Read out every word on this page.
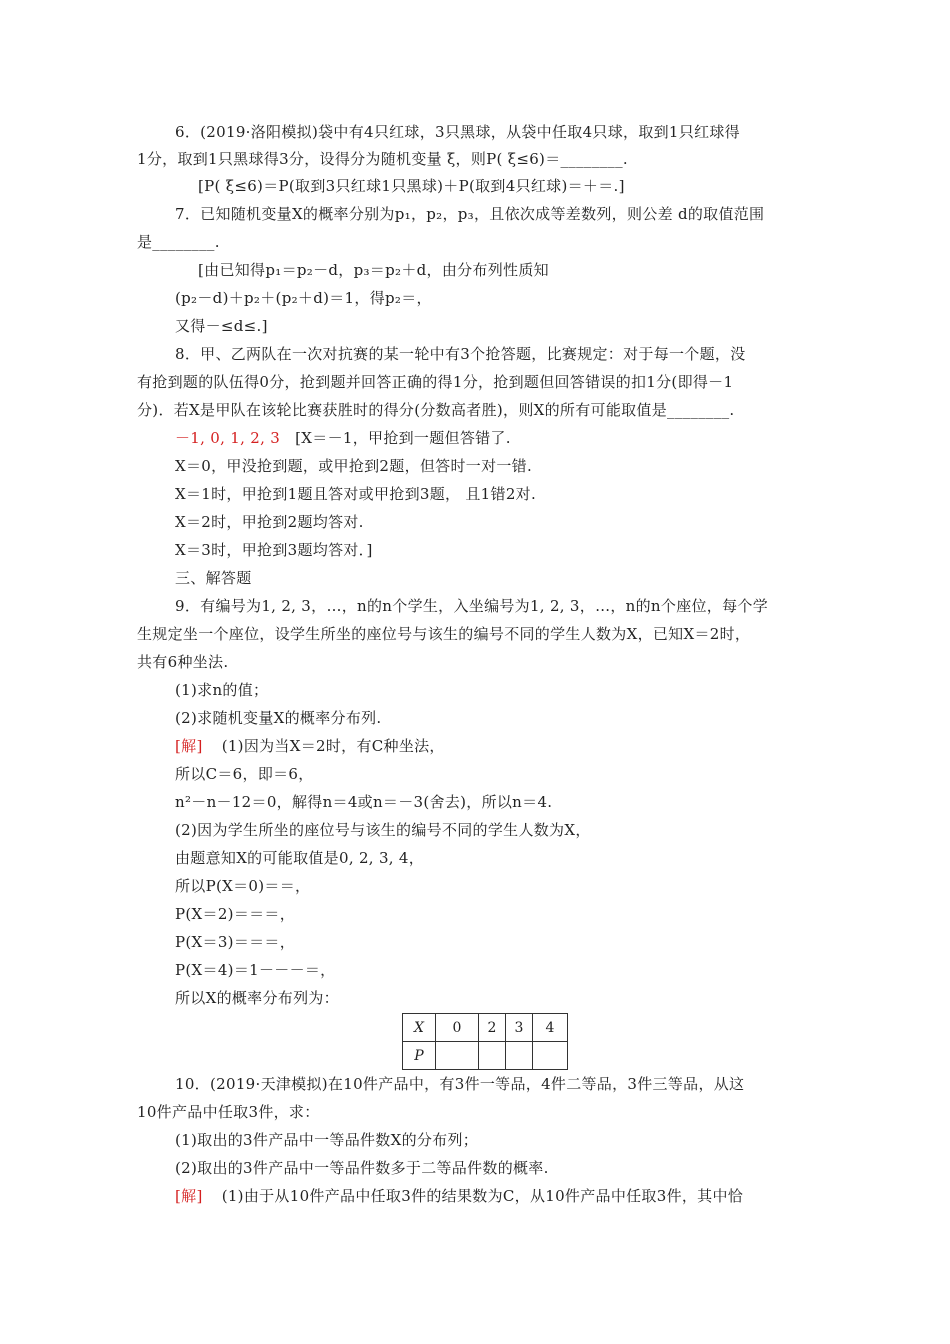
6．(2019·洛阳模拟)袋中有4只红球，3只黑球，从袋中任取4只球，取到1只红球得
1分，取到1只黑球得3分，设得分为随机变量 ξ，则P( ξ≤6)＝________.
[P( ξ≤6)＝P(取到3只红球1只黑球)＋P(取到4只红球)＝＋＝.]
7．已知随机变量X的概率分别为p₁，p₂，p₃，且依次成等差数列，则公差 d的取值范围
是________.
[由已知得p₁＝p₂－d，p₃＝p₂＋d，由分布列性质知
(p₂－d)＋p₂＋(p₂＋d)＝1，得p₂＝，
又得－≤d≤.]
8．甲、乙两队在一次对抗赛的某一轮中有3个抢答题，比赛规定：对于每一个题，没
有抢到题的队伍得0分，抢到题并回答正确的得1分，抢到题但回答错误的扣1分(即得－1
分)．若X是甲队在该轮比赛获胜时的得分(分数高者胜)，则X的所有可能取值是________.
－1, 0, 1, 2, 3 [X＝－1，甲抢到一题但答错了.
X＝0，甲没抢到题，或甲抢到2题，但答时一对一错.
X＝1时，甲抢到1题且答对或甲抢到3题， 且1错2对.
X＝2时，甲抢到2题均答对.
X＝3时，甲抢到3题均答对．]
三、解答题
9．有编号为1, 2, 3，…，n的n个学生，入坐编号为1, 2, 3，…，n的n个座位，每个学
生规定坐一个座位，设学生所坐的座位号与该生的编号不同的学生人数为X，已知X＝2时，
共有6种坐法.
(1)求n的值；
(2)求随机变量X的概率分布列.
[解] (1)因为当X＝2时，有C种坐法，
所以C＝6，即＝6，
n²－n－12＝0，解得n＝4或n＝－3(舍去)，所以n＝4.
(2)因为学生所坐的座位号与该生的编号不同的学生人数为X，
由题意知X的可能取值是0, 2, 3, 4，
所以P(X＝0)＝＝，
P(X＝2)＝＝＝，
P(X＝3)＝＝＝，
P(X＝4)＝1－－－＝，
所以X的概率分布列为：
X	0	2	3	4
P				
10．(2019·天津模拟)在10件产品中，有3件一等品，4件二等品，3件三等品，从这
10件产品中任取3件，求：
(1)取出的3件产品中一等品件数X的分布列；
(2)取出的3件产品中一等品件数多于二等品件数的概率.
[解] (1)由于从10件产品中任取3件的结果数为C，从10件产品中任取3件，其中恰
